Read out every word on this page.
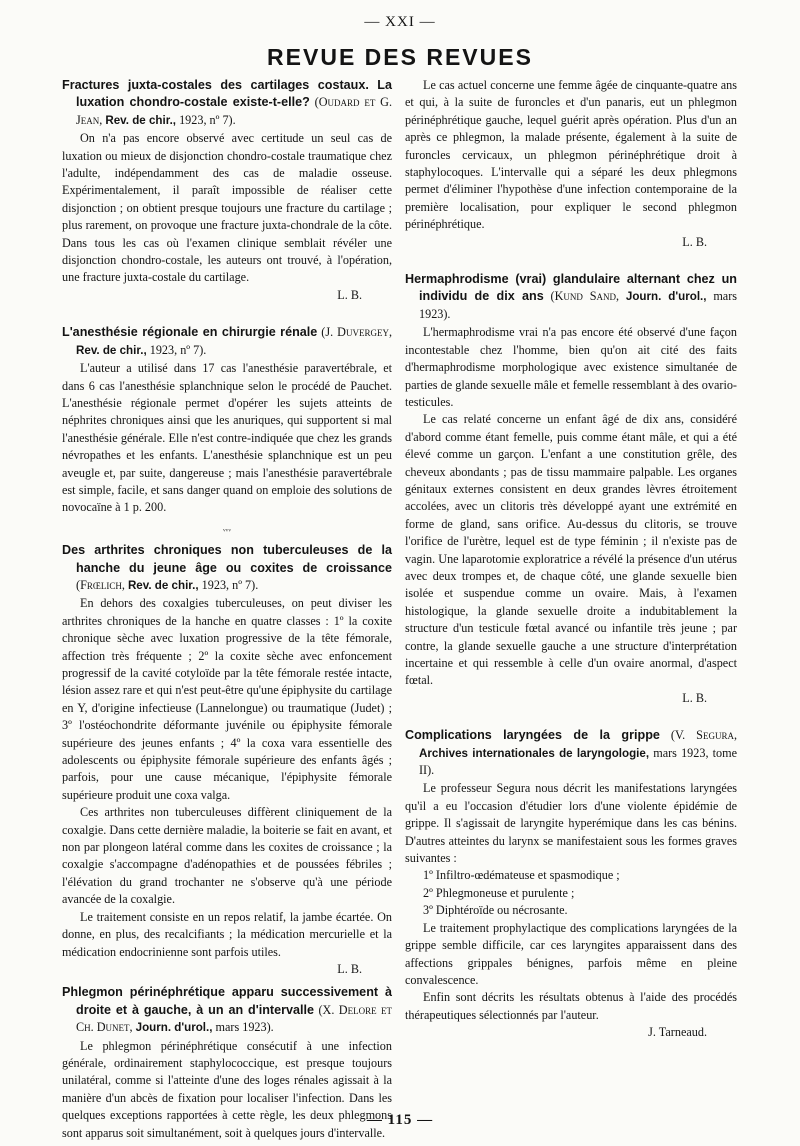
— XXI —
REVUE DES REVUES

Fractures juxta-costales des cartilages costaux. La luxation chondro-costale existe-t-elle? (Oudard et G. Jean, Rev. de chir., 1923, nº 7).

On n'a pas encore observé avec certitude un seul cas de luxation ou mieux de disjonction chondro-costale traumatique chez l'adulte, indépendamment des cas de maladie osseuse. Expérimentalement, il paraît impossible de réaliser cette disjonction ; on obtient presque toujours une fracture du cartilage ; plus rarement, on provoque une fracture juxta-chondrale de la côte. Dans tous les cas où l'examen clinique semblait révéler une disjonction chondro-costale, les auteurs ont trouvé, à l'opération, une fracture juxta-costale du cartilage.

L. B.

L'anesthésie régionale en chirurgie rénale (J. Duvergey, Rev. de chir., 1923, nº 7).

L'auteur a utilisé dans 17 cas l'anesthésie paravertébrale, et dans 6 cas l'anesthésie splanchnique selon le procédé de Pauchet. L'anesthésie régionale permet d'opérer les sujets atteints de néphrites chroniques ainsi que les anuriques, qui supportent si mal l'anesthésie générale. Elle n'est contre-indiquée que chez les grands névropathes et les enfants. L'anesthésie splanchnique est un peu aveugle et, par suite, dangereuse ; mais l'anesthésie paravertébrale est simple, facile, et sans danger quand on emploie des solutions de novocaïne à 1 p. 200.

ᵛᵛᵛ

Des arthrites chroniques non tuberculeuses de la hanche du jeune âge ou coxites de croissance (Frœlich, Rev. de chir., 1923, nº 7).

En dehors des coxalgies tuberculeuses, on peut diviser les arthrites chroniques de la hanche en quatre classes : 1º la coxite chronique sèche avec luxation progressive de la tête fémorale, affection très fréquente ; 2º la coxite sèche avec enfoncement progressif de la cavité cotyloïde par la tête fémorale restée intacte, lésion assez rare et qui n'est peut-être qu'une épiphysite du cartilage en Y, d'origine infectieuse (Lannelongue) ou traumatique (Judet) ; 3º l'ostéochondrite déformante juvénile ou épiphysite fémorale supérieure des jeunes enfants ; 4º la coxa vara essentielle des adolescents ou épiphysite fémorale supérieure des enfants âgés ; parfois, pour une cause mécanique, l'épiphysite fémorale supérieure produit une coxa valga.

Ces arthrites non tuberculeuses diffèrent cliniquement de la coxalgie. Dans cette dernière maladie, la boiterie se fait en avant, et non par plongeon latéral comme dans les coxites de croissance ; la coxalgie s'accompagne d'adénopathies et de poussées fébriles ; l'élévation du grand trochanter ne s'observe qu'à une période avancée de la coxalgie.

Le traitement consiste en un repos relatif, la jambe écartée. On donne, en plus, des recalcifiants ; la médication mercurielle et la médication endocrinienne sont parfois utiles.

L. B.

Phlegmon périnéphrétique apparu successivement à droite et à gauche, à un an d'intervalle (X. Delore et Ch. Dunet, Journ. d'urol., mars 1923).

Le phlegmon périnéphrétique consécutif à une infection générale, ordinairement staphylococcique, est presque toujours unilatéral, comme si l'atteinte d'une des loges rénales agissait à la manière d'un abcès de fixation pour localiser l'infection. Dans les quelques exceptions rapportées à cette règle, les deux phlegmons sont apparus soit simultanément, soit à quelques jours d'intervalle.

Le cas actuel concerne une femme âgée de cinquante-quatre ans et qui, à la suite de furoncles et d'un panaris, eut un phlegmon périnéphrétique gauche, lequel guérit après opération. Plus d'un an après ce phlegmon, la malade présente, également à la suite de furoncles cervicaux, un phlegmon périnéphrétique droit à staphylocoques. L'intervalle qui a séparé les deux phlegmons permet d'éliminer l'hypothèse d'une infection contemporaine de la première localisation, pour expliquer le second phlegmon périnéphrétique.

L. B.

Hermaphrodisme (vrai) glandulaire alternant chez un individu de dix ans (Kund Sand, Journ. d'urol., mars 1923).

L'hermaphrodisme vrai n'a pas encore été observé d'une façon incontestable chez l'homme, bien qu'on ait cité des faits d'hermaphrodisme morphologique avec existence simultanée de parties de glande sexuelle mâle et femelle ressemblant à des ovario-testicules.

Le cas relaté concerne un enfant âgé de dix ans, considéré d'abord comme étant femelle, puis comme étant mâle, et qui a été élevé comme un garçon. L'enfant a une constitution grêle, des cheveux abondants ; pas de tissu mammaire palpable. Les organes génitaux externes consistent en deux grandes lèvres étroitement accolées, avec un clitoris très développé ayant une extrémité en forme de gland, sans orifice. Au-dessus du clitoris, se trouve l'orifice de l'urètre, lequel est de type féminin ; il n'existe pas de vagin. Une laparotomie exploratrice a révélé la présence d'un utérus avec deux trompes et, de chaque côté, une glande sexuelle bien isolée et suspendue comme un ovaire. Mais, à l'examen histologique, la glande sexuelle droite a indubitablement la structure d'un testicule fœtal avancé ou infantile très jeune ; par contre, la glande sexuelle gauche a une structure d'interprétation incertaine et qui ressemble à celle d'un ovaire anormal, d'aspect fœtal.

L. B.

Complications laryngées de la grippe (V. Segura, Archives internationales de laryngologie, mars 1923, tome II).

Le professeur Segura nous décrit les manifestations laryngées qu'il a eu l'occasion d'étudier lors d'une violente épidémie de grippe. Il s'agissait de laryngite hyperémique dans les cas bénins. D'autres atteintes du larynx se manifestaient sous les formes graves suivantes :

1º Infiltro-œdémateuse et spasmodique ;

2º Phlegmoneuse et purulente ;

3º Diphtéroïde ou nécrosante.

Le traitement prophylactique des complications laryngées de la grippe semble difficile, car ces laryngites apparaissent dans des affections grippales bénignes, parfois même en pleine convalescence.

Enfin sont décrits les résultats obtenus à l'aide des procédés thérapeutiques sélectionnés par l'auteur.

J. Tarneaud.

— 115 —
